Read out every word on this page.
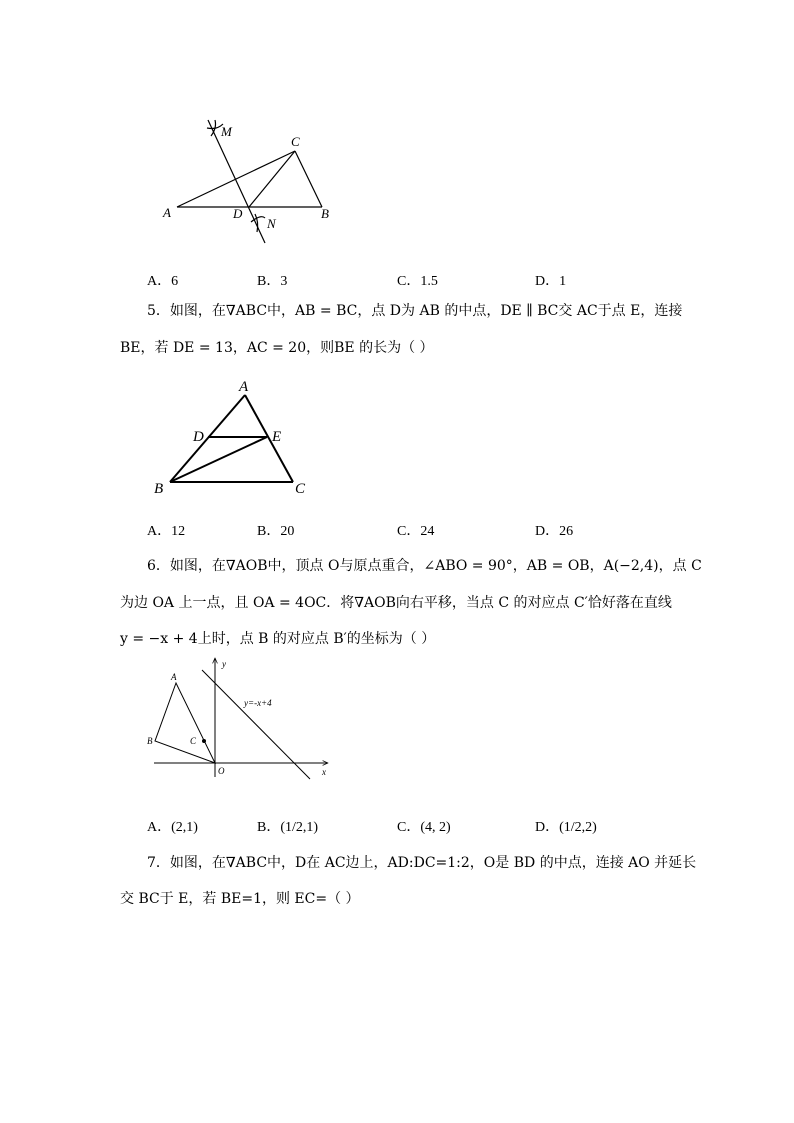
M
C
A	D
N
B
A．6	B．3	C．1.5	D．1
5．如图，在∇ABC中，AB = BC，点 D为 AB 的中点，DE ∥ BC交 AC于点 E，连接
BE，若 DE = 13，AC = 20，则BE 的长为（ ）
A
D	E
B	C
A．12	B．20	C．24	D．26
6．如图，在∇AOB中，顶点 O与原点重合，∠ABO = 90°，AB = OB，A(−2,4)，点 C
为边 OA 上一点，且 OA = 4OC．将∇AOB向右平移，当点 C 的对应点 C′恰好落在直线
y = −x + 4上时，点 B 的对应点 B′的坐标为（ ）
y
x
A
B	C
O
y=-x+4
A．(2,1)	B．(1/2,1)	C．(4, 2)	D．(1/2,2)
7．如图，在∇ABC中，D在 AC边上，AD:DC=1:2，O是 BD 的中点，连接 AO 并延长
交 BC于 E，若 BE=1，则 EC=（ ）
